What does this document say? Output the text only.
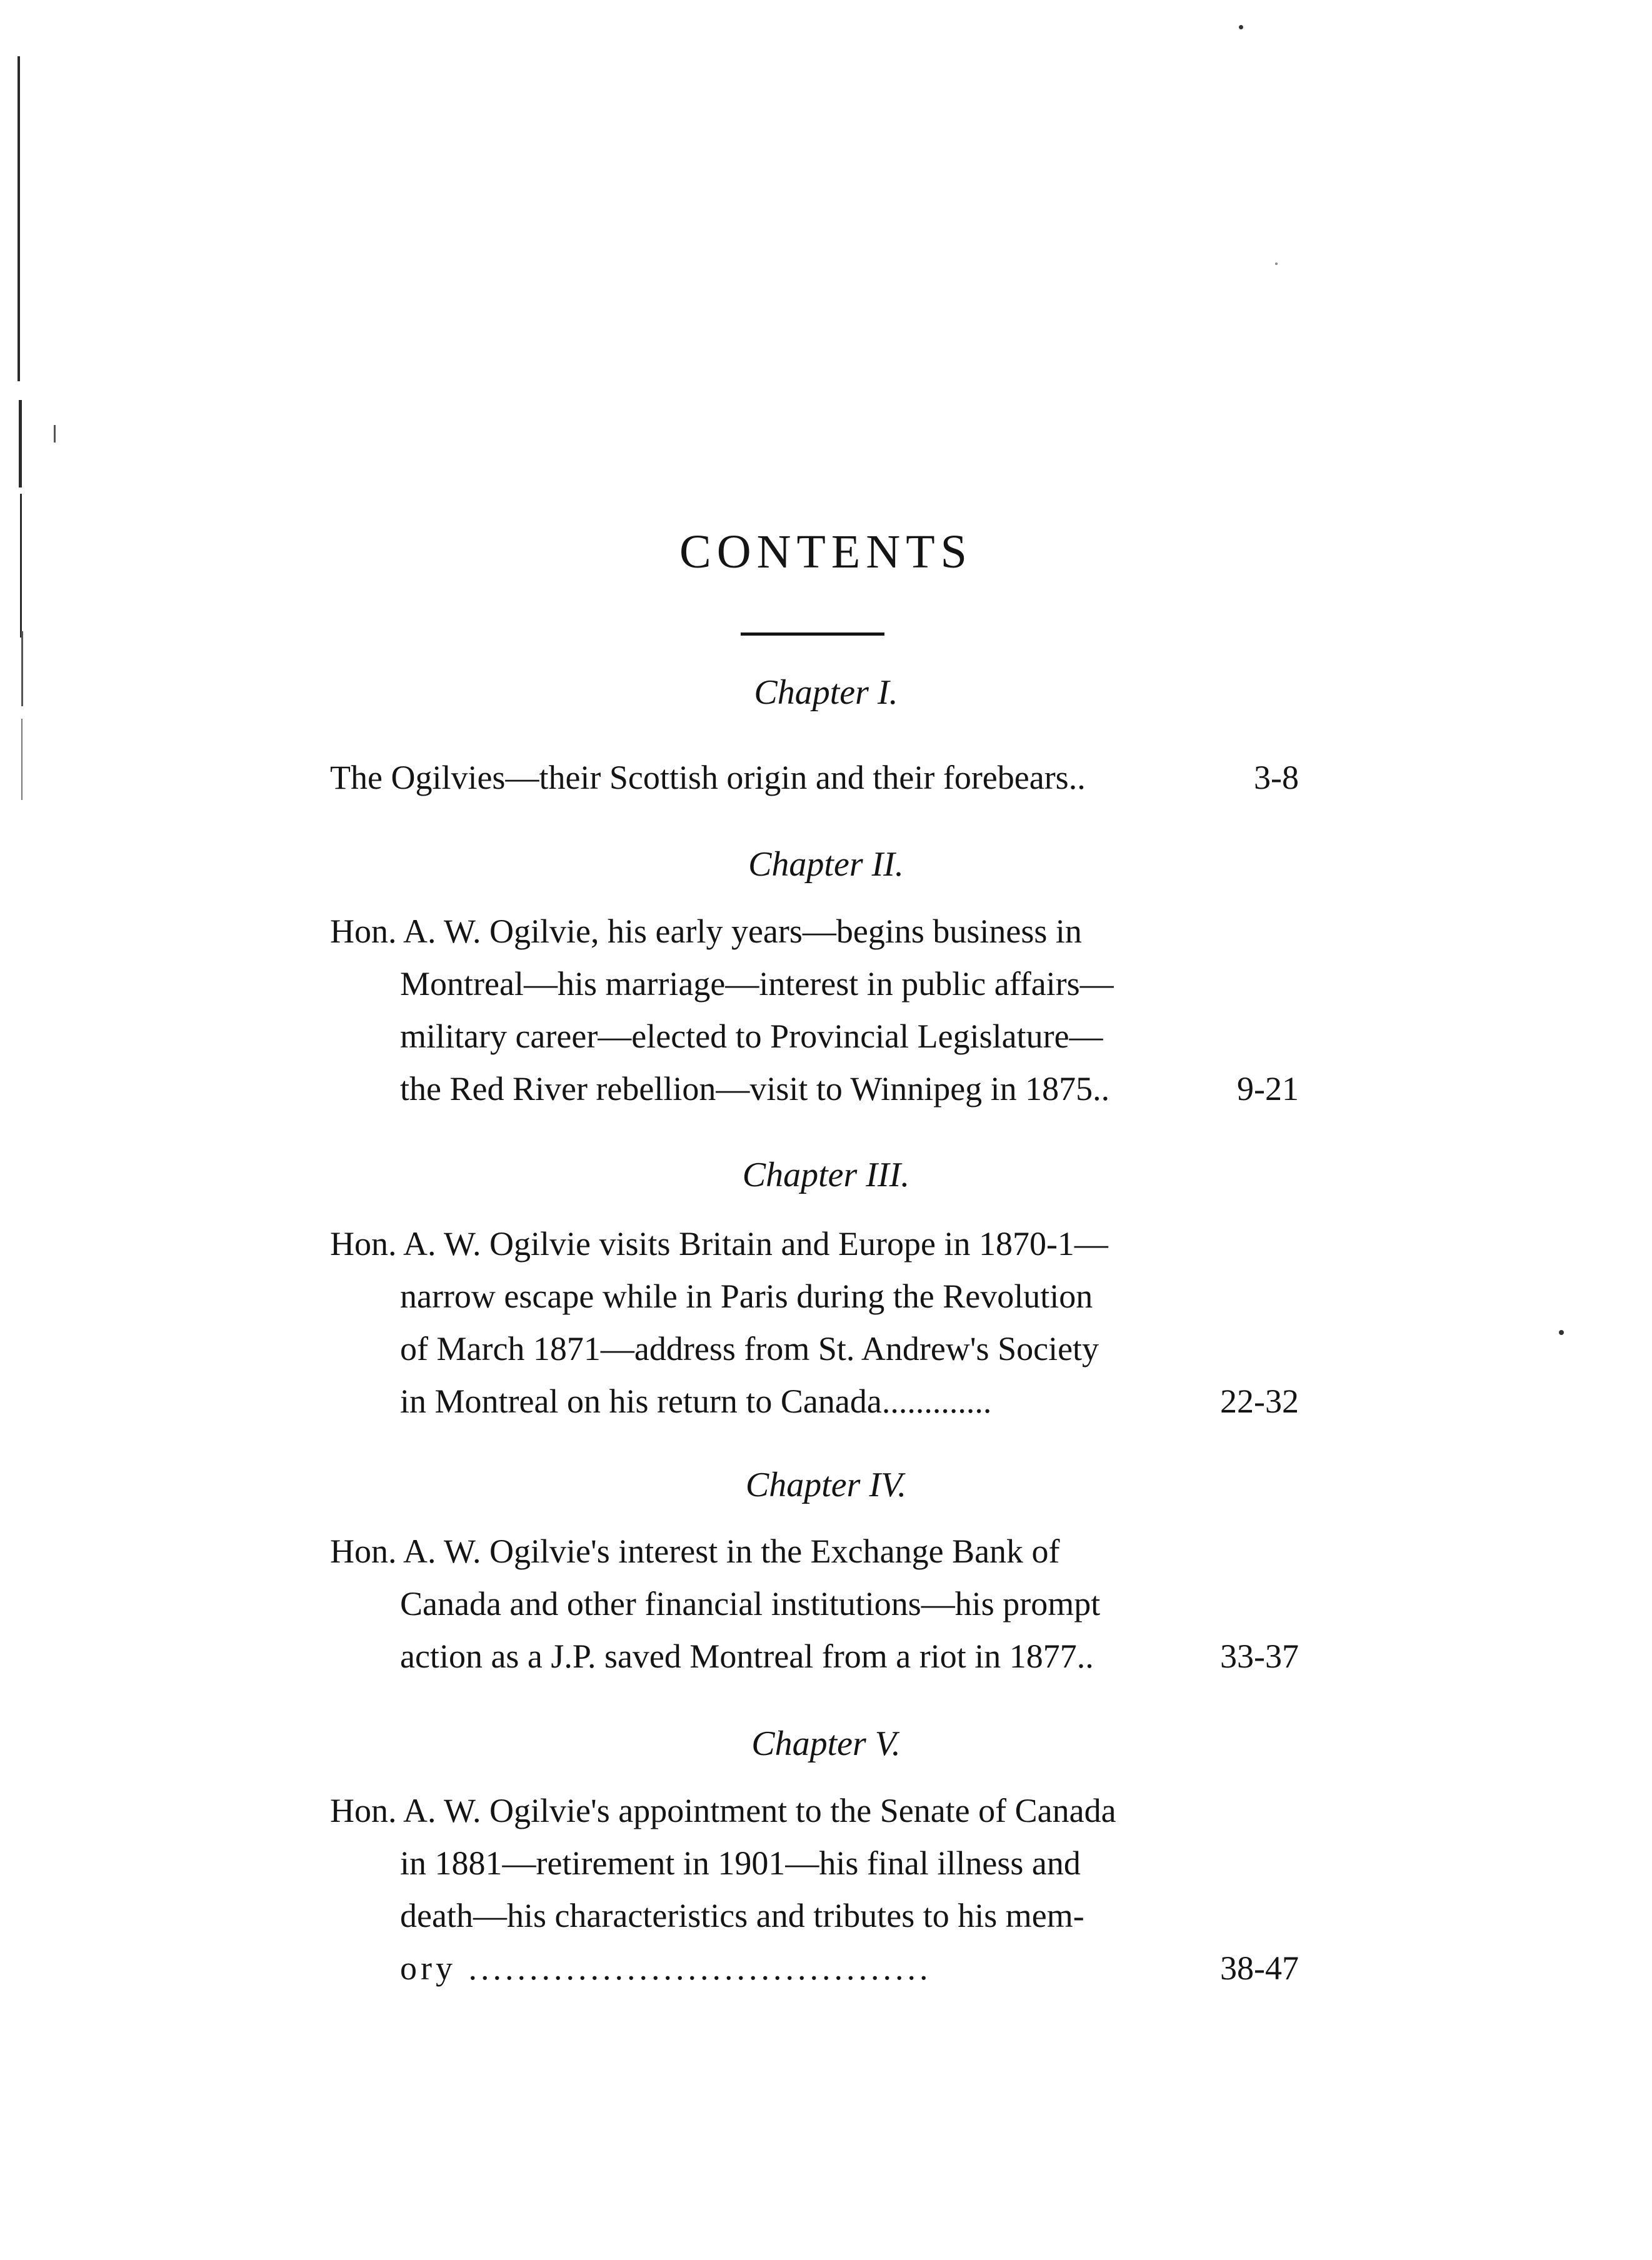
CONTENTS
Chapter I.
The Ogilvies—their Scottish origin and their forebears..	3-8
Chapter II.
Hon. A. W. Ogilvie, his early years—begins business in
Montreal—his marriage—interest in public affairs—
military career—elected to Provincial Legislature—
the Red River rebellion—visit to Winnipeg in 1875..	9-21
Chapter III.
Hon. A. W. Ogilvie visits Britain and Europe in 1870-1—
narrow escape while in Paris during the Revolution
of March 1871—address from St. Andrew's Society
in Montreal on his return to Canada.............	22-32
Chapter IV.
Hon. A. W. Ogilvie's interest in the Exchange Bank of
Canada and other financial institutions—his prompt
action as a J.P. saved Montreal from a riot in 1877..	33-37
Chapter V.
Hon. A. W. Ogilvie's appointment to the Senate of Canada
in 1881—retirement in 1901—his final illness and
death—his characteristics and tributes to his mem-
ory ......................................	38-47
